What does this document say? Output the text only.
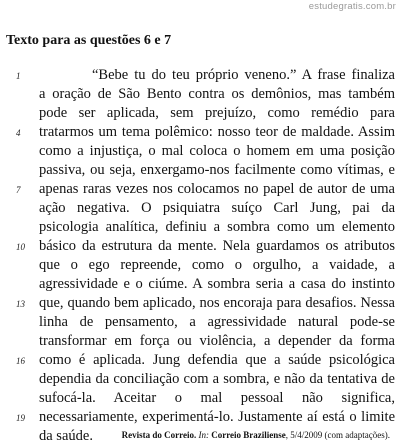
estudegratis.com.br
Texto para as questões 6 e 7
1	“Bebe tu do teu próprio veneno.” A frase finaliza
a oração de São Bento contra os demônios, mas também
pode ser aplicada, sem prejuízo, como remédio para
4	tratarmos um tema polêmico: nosso teor de maldade. Assim
como a injustiça, o mal coloca o homem em uma posição
passiva, ou seja, enxergamo-nos facilmente como vítimas, e
7	apenas raras vezes nos colocamos no papel de autor de uma
ação negativa. O psiquiatra suíço Carl Jung, pai da
psicologia analítica, definiu a sombra como um elemento
10 básico da estrutura da mente. Nela guardamos os atributos
que o ego repreende, como o orgulho, a vaidade, a
agressividade e o ciúme. A sombra seria a casa do instinto
13 que, quando bem aplicado, nos encoraja para desafios. Nessa
linha de pensamento, a agressividade natural pode-se
transformar em força ou violência, a depender da forma
16 como é aplicada. Jung defendia que a saúde psicológica
dependia da conciliação com a sombra, e não da tentativa de
sufocá-la. Aceitar o mal pessoal não significa,
19 necessariamente, experimentá-lo. Justamente aí está o limite
da saúde.	Revista do Correio. In: Correio Braziliense, 5/4/2009 (com adaptações).
